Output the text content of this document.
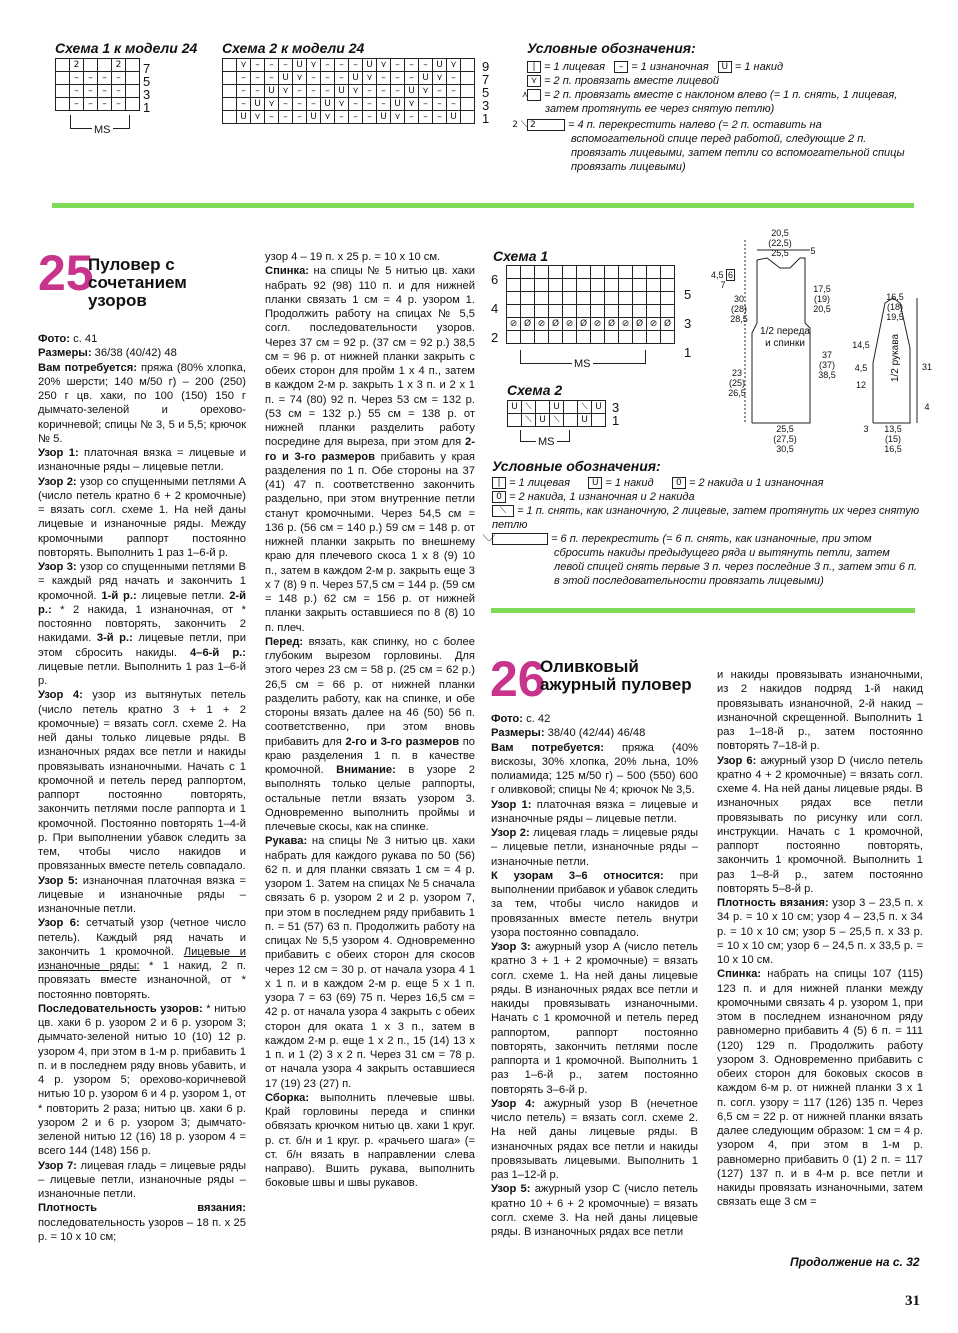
Схема 1 к модели 24
	2			2	
	–	–	–	–	
	–	–	–	–	
	–	–	–	–	
7
5
3
1
MS
Схема 2 к модели 24
	⋎	–	–	–	U	⋎	–	–	–	U	⋎	–	–	–	U	⋎	
	–	–	–	U	⋎	–	–	–	U	⋎	–	–	–	U	⋎	–	
	–	–	U	⋎	–	–	–	U	⋎	–	–	–	U	⋎	–	–	
	–	U	⋎	–	–	–	U	⋎	–	–	–	U	⋎	–	–	–	
	U	⋎	–	–	–	U	⋎	–	–	–	U	⋎	–	–	–	U	
9
7
5
3
1
Условные обозначения:
| = 1 лицевая – = 1 изнаночная U = 1 накид
⋎ = 2 п. провязать вместе лицевой
⋏ = 2 п. провязать вместе с наклоном влево (= 1 п. снять, 1 лицевая, затем протянуть ее через снятую петлю)
2 ⟍ 2	= 4 п. перекрестить налево (= 2 п. оставить на вспомогательной спице перед работой, следующие 2 п. провязать лицевыми, затем петли со вспомогательной спицы провязать лицевыми)
25
Пуловер с сочетанием узоров

Фото: с. 41

Размеры: 36/38 (40/42) 48

Вам потребуется: пряжа (80% хлопка, 20% шерсти; 140 м/50 г) – 200 (250) 250 г цв. хаки, по 100 (150) 150 г дымчато-зеленой и орехово-коричневой; спицы № 3, 5 и 5,5; крючок № 5.

Узор 1: платочная вязка = лицевые и изнаночные ряды – лицевые петли.

Узор 2: узор со спущенными петлями A (число петель кратно 6 + 2 кромочные) = вязать согл. схеме 1. На ней даны лицевые и изнаночные ряды. Между кромочными раппорт постоянно повторять. Выполнить 1 раз 1–6-й р.

Узор 3: узор со спущенными петлями B = каждый ряд начать и закончить 1 кромочной. 1-й р.: лицевые петли. 2-й р.: * 2 накида, 1 изнаночная, от * постоянно повторять, закончить 2 накидами. 3-й р.: лицевые петли, при этом сбросить накиды. 4–6-й р.: лицевые петли. Выполнить 1 раз 1–6-й р.

Узор 4: узор из вытянутых петель (число петель кратно 3 + 1 + 2 кромочные) = вязать согл. схеме 2. На ней даны только лицевые ряды. В изнаночных рядах все петли и накиды провязывать изнаночными. Начать с 1 кромочной и петель перед раппортом, раппорт постоянно повторять, закончить петлями после раппорта и 1 кромочной. Постоянно повторять 1–4-й р. При выполнении убавок следить за тем, чтобы число накидов и провязанных вместе петель совпадало.

Узор 5: изнаночная платочная вязка = лицевые и изнаночные ряды – изнаночные петли.

Узор 6: сетчатый узор (четное число петель). Каждый ряд начать и закончить 1 кромочной. Лицевые и изнаночные ряды: * 1 накид, 2 п. провязать вместе изнаночной, от * постоянно повторять.

Последовательность узоров: * нитью цв. хаки 6 р. узором 2 и 6 р. узором 3; дымчато-зеленой нитью 10 (10) 12 р. узором 4, при этом в 1-м р. прибавить 1 п. и в последнем ряду вновь убавить, и 4 р. узором 5; орехово-коричневой нитью 10 р. узором 6 и 4 р. узором 1, от * повторить 2 раза; нитью цв. хаки 6 р. узором 2 и 6 р. узором 3; дымчато-зеленой нитью 12 (16) 18 р. узором 4 = всего 144 (148) 156 р.

Узор 7: лицевая гладь = лицевые ряды – лицевые петли, изнаночные ряды – изнаночные петли.

Плотность вязания: последовательность узоров – 18 п. x 25 р. = 10 x 10 см;

узор 4 – 19 п. x 25 р. = 10 x 10 см.

Спинка: на спицы № 5 нитью цв. хаки набрать 92 (98) 110 п. и для нижней планки связать 1 см = 4 р. узором 1. Продолжить работу на спицах № 5,5 согл. последовательности узоров. Через 37 см = 92 р. (37 см = 92 р.) 38,5 см = 96 р. от нижней планки закрыть с обеих сторон для пройм 1 x 4 п., затем в каждом 2-м р. закрыть 1 x 3 п. и 2 x 1 п. = 74 (80) 92 п. Через 53 см = 132 р. (53 см = 132 р.) 55 см = 138 р. от нижней планки разделить работу посредине для выреза, при этом для 2-го и 3-го размеров прибавить у края разделения по 1 п. Обе стороны на 37 (41) 47 п. соответственно закончить раздельно, при этом внутренние петли станут кромочными. Через 54,5 см = 136 р. (56 см = 140 р.) 59 см = 148 р. от нижней планки закрыть по внешнему краю для плечевого скоса 1 x 8 (9) 10 п., затем в каждом 2-м р. закрыть еще 3 x 7 (8) 9 п. Через 57,5 см = 144 р. (59 см = 148 р.) 62 см = 156 р. от нижней планки закрыть оставшиеся по 8 (8) 10 п. плеч.

Перед: вязать, как спинку, но с более глубоким вырезом горловины. Для этого через 23 см = 58 р. (25 см = 62 р.) 26,5 см = 66 р. от нижней планки разделить работу, как на спинке, и обе стороны вязать далее на 46 (50) 56 п. соответственно, при этом вновь прибавить для 2-го и 3-го размеров по краю разделения 1 п. в качестве кромочной. Внимание: в узоре 2 выполнять только целые раппорты, остальные петли вязать узором 3. Одновременно выполнить проймы и плечевые скосы, как на спинке.

Рукава: на спицы № 3 нитью цв. хаки набрать для каждого рукава по 50 (56) 62 п. и для планки связать 1 см = 4 р. узором 1. Затем на спицах № 5 сначала связать 6 р. узором 2 и 2 р. узором 7, при этом в последнем ряду прибавить 1 п. = 51 (57) 63 п. Продолжить работу на спицах № 5,5 узором 4. Одновременно прибавить с обеих сторон для скосов через 12 см = 30 р. от начала узора 4 1 x 1 п. и в каждом 2-м р. еще 5 x 1 п. узора 7 = 63 (69) 75 п. Через 16,5 см = 42 р. от начала узора 4 закрыть с обеих сторон для оката 1 x 3 п., затем в каждом 2-м р. еще 1 x 2 п., 15 (14) 13 x 1 п. и 1 (2) 3 x 2 п. Через 31 см = 78 р. от начала узора 4 закрыть оставшиеся 17 (19) 23 (27) п.

Сборка: выполнить плечевые швы. Край горловины переда и спинки обвязать крючком нитью цв. хаки 1 круг. р. ст. б/н и 1 круг. р. «рачьего шага» (= ст. б/н вязать в направлении слева направо). Вшить рукава, выполнить боковые швы и швы рукавов.

Схема 1
6
4
2

⊘	Ø	⊘	Ø	⊘	Ø	⊘	Ø	⊘	Ø	⊘	Ø

5
3
1
MS
Схема 2
U	⟍		U		⟍	U
	⟍	U	⟍		U	
3
1
MS
Условные обозначения:
| = 1 лицевая U = 1 накид 0 = 2 накида и 1 изнаночная
0 = 2 накида, 1 изнаночная и 2 накида
⟍ = 1 п. снять, как изнаночную, 2 лицевые, затем протянуть их через снятую петлю
⟍⟋	= 6 п. перекрестить (= 6 п. снять, как изнаночные, при этом сбросить накиды предыдущего ряда и вытянуть петли, затем левой спицей снять первые 3 п. через последние 3 п., затем эти 6 п. в этой последовательности провязать лицевыми)
20,5
(22,5)
25,5	5
4,5 6 7
30
(28)
28,5
17,5
(19)
20,5
1/2 переда и спинки
37
(37)
38,5
23
(25)
26,5
25,5
(27,5)
30,5
16,5
(18)
19,5
14,5
4,5
12
1/2 рукава	31
4
13,5
(15)
16,5
3
26
Оливковый ажурный пуловер

Фото: с. 42

Размеры: 38/40 (42/44) 46/48

Вам потребуется: пряжа (40% вискозы, 30% хлопка, 20% льна, 10% полиамида; 125 м/50 г) – 500 (550) 600 г оливковой; спицы № 4; крючок № 3,5.

Узор 1: платочная вязка = лицевые и изнаночные ряды – лицевые петли.

Узор 2: лицевая гладь = лицевые ряды – лицевые петли, изнаночные ряды – изнаночные петли.

К узорам 3–6 относится: при выполнении прибавок и убавок следить за тем, чтобы число накидов и провязанных вместе петель внутри узора постоянно совпадало.

Узор 3: ажурный узор A (число петель кратно 3 + 1 + 2 кромочные) = вязать согл. схеме 1. На ней даны лицевые ряды. В изнаночных рядах все петли и накиды провязывать изнаночными. Начать с 1 кромочной и петель перед раппортом, раппорт постоянно повторять, закончить петлями после раппорта и 1 кромочной. Выполнить 1 раз 1–6-й р., затем постоянно повторять 3–6-й р.

Узор 4: ажурный узор B (нечетное число петель) = вязать согл. схеме 2. На ней даны лицевые ряды. В изнаночных рядах все петли и накиды провязывать лицевыми. Выполнить 1 раз 1–12-й р.

Узор 5: ажурный узор C (число петель кратно 10 + 6 + 2 кромочные) = вязать согл. схеме 3. На ней даны лицевые ряды. В изнаночных рядах все петли

и накиды провязывать изнаночными, из 2 накидов подряд 1-й накид провязывать изнаночной, 2-й накид – изнаночной скрещенной. Выполнить 1 раз 1–18-й р., затем постоянно повторять 7–18-й р.

Узор 6: ажурный узор D (число петель кратно 4 + 2 кромочные) = вязать согл. схеме 4. На ней даны лицевые ряды. В изнаночных рядах все петли провязывать по рисунку или согл. инструкции. Начать с 1 кромочной, раппорт постоянно повторять, закончить 1 кромочной. Выполнить 1 раз 1–8-й р., затем постоянно повторять 5–8-й р.

Плотность вязания: узор 3 – 23,5 п. x 34 р. = 10 x 10 см; узор 4 – 23,5 п. x 34 р. = 10 x 10 см; узор 5 – 25,5 п. x 33 р. = 10 x 10 см; узор 6 – 24,5 п. x 33,5 р. = 10 x 10 см.

Спинка: набрать на спицы 107 (115) 123 п. и для нижней планки между кромочными связать 4 р. узором 1, при этом в последнем изнаночном ряду равномерно прибавить 4 (5) 6 п. = 111 (120) 129 п. Продолжить работу узором 3. Одновременно прибавить с обеих сторон для боковых скосов в каждом 6-м р. от нижней планки 3 x 1 п. согл. узору = 117 (126) 135 п. Через 6,5 см = 22 р. от нижней планки вязать далее следующим образом: 1 см = 4 р. узором 4, при этом в 1-м р. равномерно прибавить 0 (1) 2 п. = 117 (127) 137 п. и в 4-м р. все петли и накиды провязать изнаночными, затем связать еще 3 см =

Продолжение на с. 32
31
